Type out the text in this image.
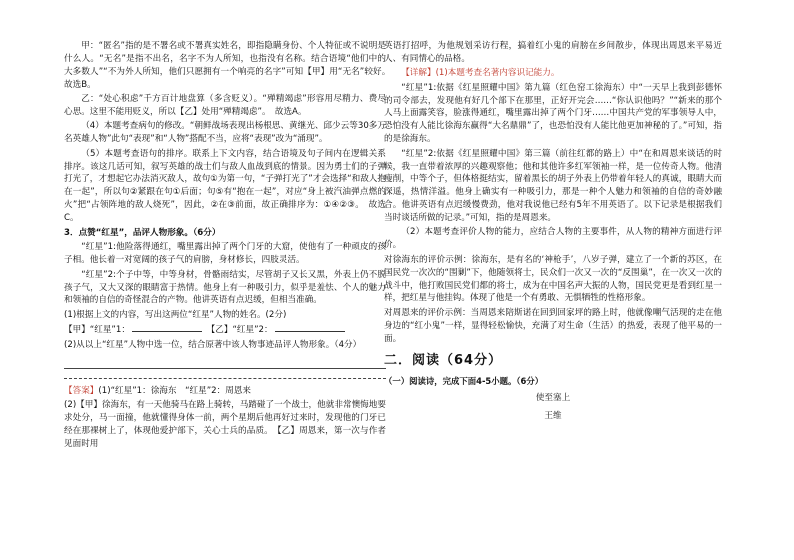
甲：“匿名”指的是不署名或不署真实姓名，即指隐瞒身份、个人特征或不说明是什么人。“无名”是指不出名，名字不为人所知，也指没有名称。结合语境“他们中的大多数人”“不为外人所知，他们只愿拥有一个响亮的名字”可知【甲】用“无名”较好。　故选B。

乙：“处心积虑”千方百计地盘算（多含贬义）。“殚精竭虑”形容用尽精力、费尽心思。这里不能用贬义，所以【乙】处用“殚精竭虑”。　故选A。

（4）本题考查病句的修改。“朝鲜战场表现出杨根思、黄继光、邱少云等30多万名英雄人物”此句“表现”和“人物”搭配不当，应将“表现”改为“涌现”。

（5）本题考查语句的排序。联系上下文内容，结合语境及句子间内在逻辑关系排序。该这几话可知，叙写英雄的战士们与敌人血战到底的情景。因为勇士们的子弹打光了，才想起它办法消灭敌人，故句①为第一句，“子弹打光了”才会选择“和敌人抱在一起”，所以句②紧跟在句①后面；句⑤有“抱在一起”，对应“身上被汽油弹点燃的火”把“占领阵地的敌人烧死”，因此，②在③前面，故正确排序为：①④②③。　故选C。

3．点赞“红星”，品评人物形象。（6分）

“红星”1:他险落得通红，嘴里露出掉了两个门牙的大窟，使他有了一种顽皮的孩子相。他长着一对宽阔的孩子气的肩膀，身材修长，四肢灵活。

“红星”2:个子中等，中等身材，骨骼雨结实，尽管胡子又长又黑，外表上仍不脱孩子气，又大又深的眼睛富于热情。他身上有一种吸引力，似乎是羞怯、个人的魅力和领袖的自信的奇怪混合的产物。他讲英语有点迟缓，但相当准确。

(1)根据上文的内容，写出这两位“红星”人物的姓名。(2分)

【甲】“红星”1：	【乙】“红星”2：

(2)从以上“红星”人物中选一位，结合原著中该人物事迹品评人物形象。（4分）

【答案】(1)“红星”1：徐海东　“红星”2：周恩来

(2)【甲】徐海东，有一天他骑马在路上骑转，马踏碰了一个战士，他就非常懊悔地要求处分，马一面撞，他就懂得身体一前，两个星期后他再好过来时，发现他的门牙已经在那裸树上了，体现他爱护部下，关心士兵的品质。　【乙】周恩来，第一次与作者见面时用

英语打招呼，为他规划采访行程，搞着红小鬼的肩膀在乡间散步，体现出周恩来平易近人、有同情心的品格。

【详解】(1)本题考查名著内容识记能力。

“红星”1:依据《红星照耀中国》第九篇（红色窑工徐海东）中“一天早上我到彭德怀的司令部去，发现他有好几个部下在那里，正好开完会……“你认识他吗？”“新来的那个人马上面露笑容，脸涨得通红，嘴里露出掉了两个门牙……中国共产党的军事领导人中，恐怕没有人能比徐海东赢得“大名鼎鼎”了，也恐怕没有人能比他更加神秘的了。”可知，指的是徐海东。

“红星”2:依据《红星照耀中国》第三篇（前往红都的路上）中“在和周恩来谈话的时候，我一直带着浓厚的兴趣观察他；他和其他许多红军领袖一样，是一位传奇人物。他清瘦削，中等个子，但体格挺结实，留着黑长的胡子外表上仍带着年轻人的真诚，眼睛大而深遥，热情洋溢。他身上确实有一种吸引力，那是一种个人魅力和领袖的自信的奇妙融合。他讲英语有点迟缓慢费劲，他对我说他已经有5年不用英语了。以下记录是根据我们当时谈话所做的记录。”可知，指的是周恩来。

（2）本题考查评价人物的能力，应结合人物的主要事件，从人物的精神方面进行评价。

对徐海东的评价示例：徐海东，是有名的‘神枪手’，八岁子弹，建立了一个新的苏区，在国民党一次次的“围剿”下，他随领将士，民众们一次又一次的“反围巢”，在一次又一次的战斗中，他打败国民党们都的将士，成为在中国名声大振的人物，国民党更是看到红星一样，把红星与他挂钩。体现了他是一个有勇敢、无惧牺牲的性格形象。

对周恩来的评价示例：当周恩来陪斯诺在回到回家坪的路上时，他就像嘲气活现的走在他身边的“红小鬼”一样，显得轻松愉快，充满了对生命（生活）的热爱，表现了他平易的一面。

二．阅读（64分）
（一）阅读诗，完成下面4-5小题。（6分）
使至塞上
王维
